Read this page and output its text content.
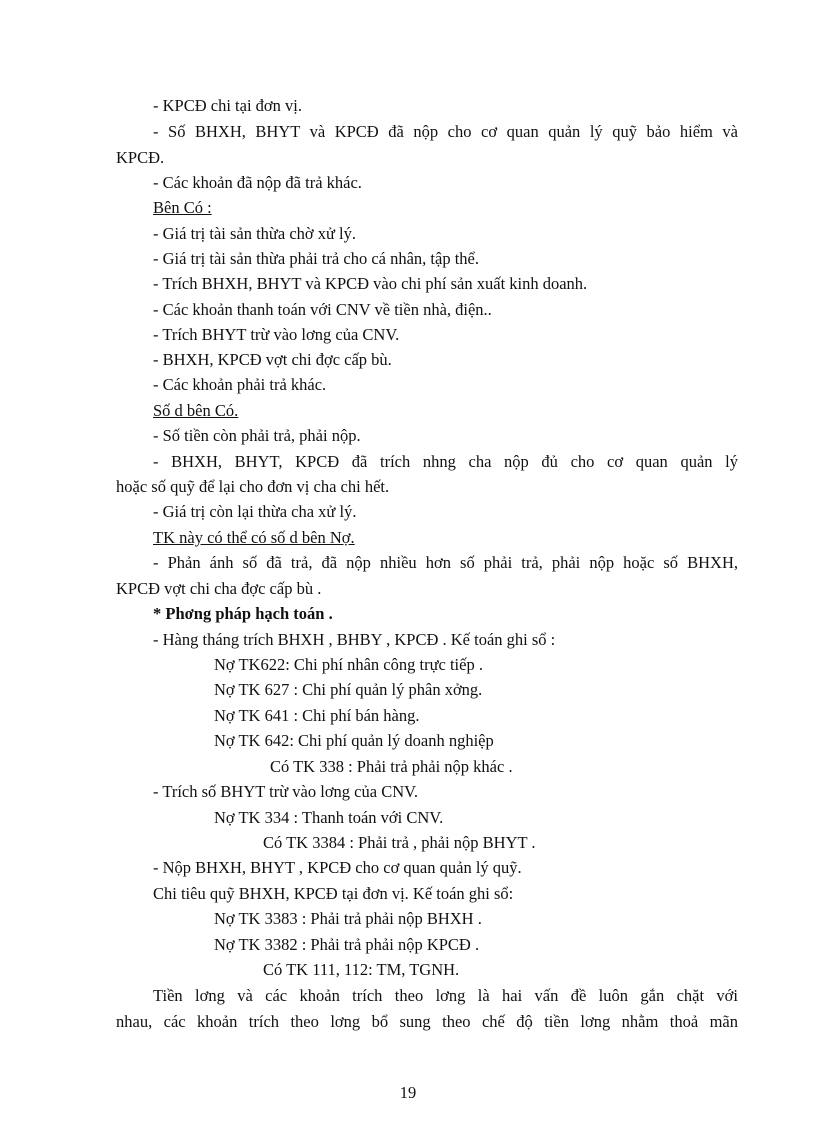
- KPCĐ chi tại đơn vị.
- Số BHXH, BHYT và KPCĐ đã nộp cho cơ quan quản lý quỹ bảo hiểm và
KPCĐ.
- Các khoản đã nộp đã trả khác.
Bên Có :
- Giá trị tài sản thừa chờ xử lý.
- Giá trị tài sản thừa phải trả cho cá nhân, tập thể.
- Trích BHXH, BHYT và KPCĐ vào chi phí sản xuất kinh doanh.
- Các khoản thanh toán với CNV về tiền nhà, điện..
- Trích BHYT trừ vào lơng của CNV.
- BHXH, KPCĐ vợt chi đợc cấp bù.
- Các khoản phải trả khác.
Số d bên Có.
- Số tiền còn phải trả, phải nộp.
- BHXH, BHYT, KPCĐ đã trích nhng cha nộp đủ cho cơ quan quản lý
hoặc số quỹ để lại cho đơn vị cha chi hết.
- Giá trị còn lại thừa cha xử lý.
TK này có thể có số d bên Nợ.
- Phản ánh số đã trả, đã nộp nhiều hơn số phải trả, phải nộp hoặc số BHXH,
KPCĐ vợt chi cha đợc cấp bù .
* Phơng pháp hạch toán .
- Hàng tháng trích BHXH , BHBY , KPCĐ . Kế toán ghi sổ :
Nợ TK622: Chi phí nhân công trực tiếp .
Nợ TK 627 : Chi phí quản lý phân xởng.
Nợ TK 641 : Chi phí bán hàng.
Nợ TK 642: Chi phí quản lý doanh nghiệp
Có TK 338 : Phải trả phải nộp khác .
- Trích số BHYT trừ vào lơng của CNV.
Nợ TK 334 : Thanh toán với CNV.
Có TK 3384 : Phải trả , phải nộp BHYT .
- Nộp BHXH, BHYT , KPCĐ cho cơ quan quản lý quỹ.
Chi tiêu quỹ BHXH, KPCĐ tại đơn vị. Kế toán ghi sổ:
Nợ TK 3383 : Phải trả phải nộp BHXH .
Nợ TK 3382 : Phải trả phải nộp KPCĐ .
Có TK 111, 112: TM, TGNH.
Tiền lơng và các khoản trích theo lơng là hai vấn đề luôn gắn chặt với
nhau, các khoản trích theo lơng bổ sung theo chế độ tiền lơng nhằm thoả mãn
19
